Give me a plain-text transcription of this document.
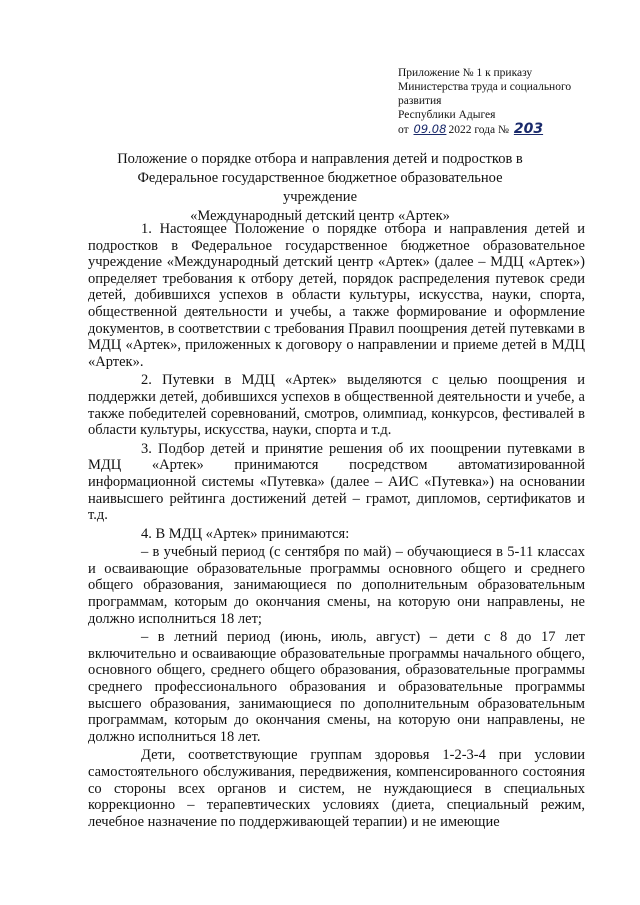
Приложение № 1 к приказу
Министерства труда и социального
развития
Республики Адыгея
от 09.08 2022 года № 203
Положение о порядке отбора и направления детей и подростков в
Федеральное государственное бюджетное образовательное учреждение
«Международный детский центр «Артек»

1. Настоящее Положение о порядке отбора и направления детей и подростков в Федеральное государственное бюджетное образовательное учреждение «Международный детский центр «Артек» (далее – МДЦ «Артек») определяет требования к отбору детей, порядок распределения путевок среди детей, добившихся успехов в области культуры, искусства, науки, спорта, общественной деятельности и учебы, а также формирование и оформление документов, в соответствии с требования Правил поощрения детей путевками в МДЦ «Артек», приложенных к договору о направлении и приеме детей в МДЦ «Артек».

2. Путевки в МДЦ «Артек» выделяются с целью поощрения и поддержки детей, добившихся успехов в общественной деятельности и учебе, а также победителей соревнований, смотров, олимпиад, конкурсов, фестивалей в области культуры, искусства, науки, спорта и т.д.

3. Подбор детей и принятие решения об их поощрении путевками в МДЦ «Артек» принимаются посредством автоматизированной информационной системы «Путевка» (далее – АИС «Путевка») на основании наивысшего рейтинга достижений детей – грамот, дипломов, сертификатов и т.д.

4. В МДЦ «Артек» принимаются:

– в учебный период (с сентября по май) – обучающиеся в 5-11 классах и осваивающие образовательные программы основного общего и среднего общего образования, занимающиеся по дополнительным образовательным программам, которым до окончания смены, на которую они направлены, не должно исполниться 18 лет;

– в летний период (июнь, июль, август) – дети с 8 до 17 лет включительно и осваивающие образовательные программы начального общего, основного общего, среднего общего образования, образовательные программы среднего профессионального образования и образовательные программы высшего образования, занимающиеся по дополнительным образовательным программам, которым до окончания смены, на которую они направлены, не должно исполниться 18 лет.

Дети, соответствующие группам здоровья 1-2-3-4 при условии самостоятельного обслуживания, передвижения, компенсированного состояния со стороны всех органов и систем, не нуждающиеся в специальных коррекционно – терапевтических условиях (диета, специальный режим, лечебное назначение по поддерживающей терапии) и не имеющие
